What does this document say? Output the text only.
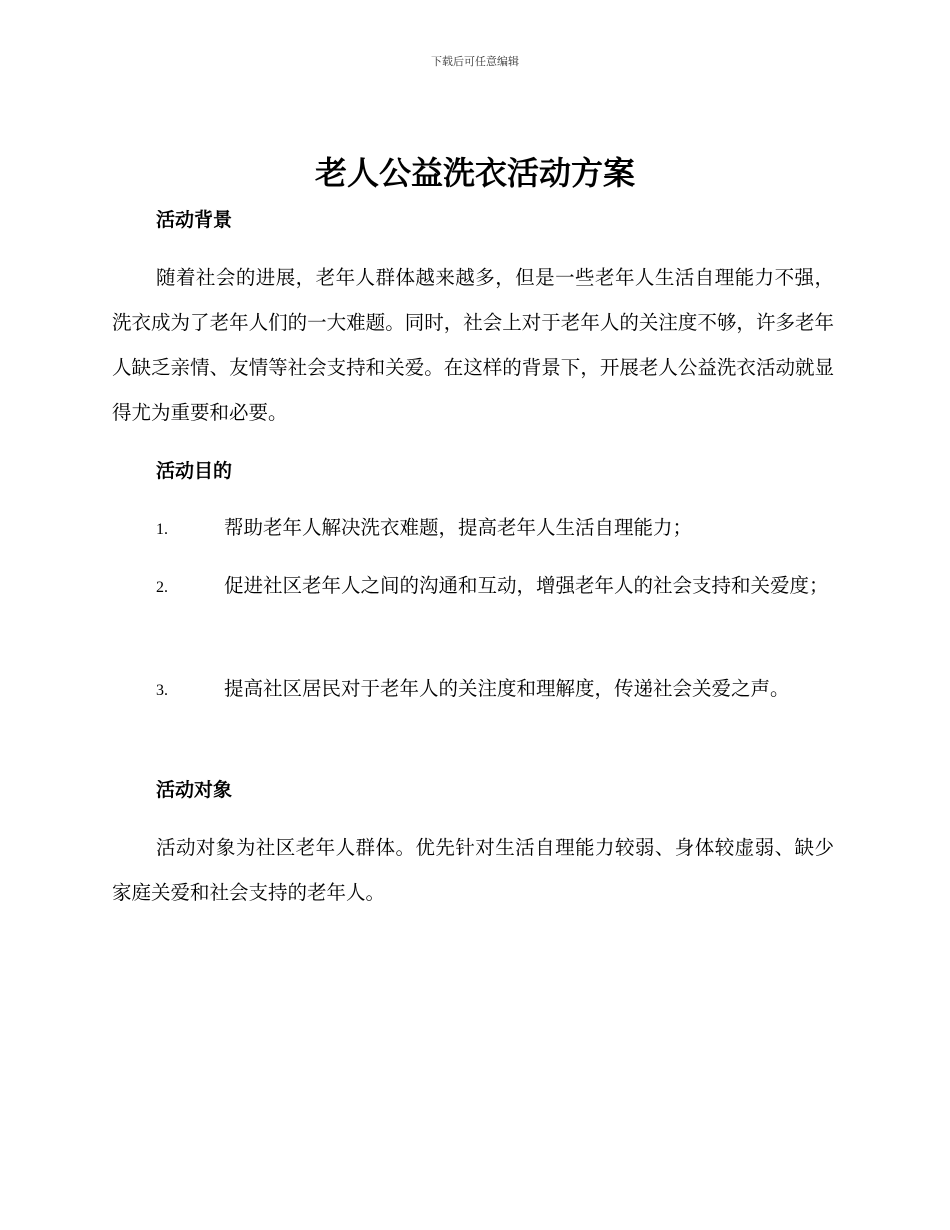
下载后可任意编辑
老人公益洗衣活动方案
活动背景

随着社会的进展，老年人群体越来越多，但是一些老年人生活自理能力不强，洗衣成为了老年人们的一大难题。同时，社会上对于老年人的关注度不够，许多老年人缺乏亲情、友情等社会支持和关爱。在这样的背景下，开展老人公益洗衣活动就显得尤为重要和必要。

活动目的

1.	帮助老年人解决洗衣难题，提高老年人生活自理能力；

2.	促进社区老年人之间的沟通和互动，增强老年人的社会支持和关爱度；

3.	提高社区居民对于老年人的关注度和理解度，传递社会关爱之声。

活动对象

活动对象为社区老年人群体。优先针对生活自理能力较弱、身体较虚弱、缺少家庭关爱和社会支持的老年人。
